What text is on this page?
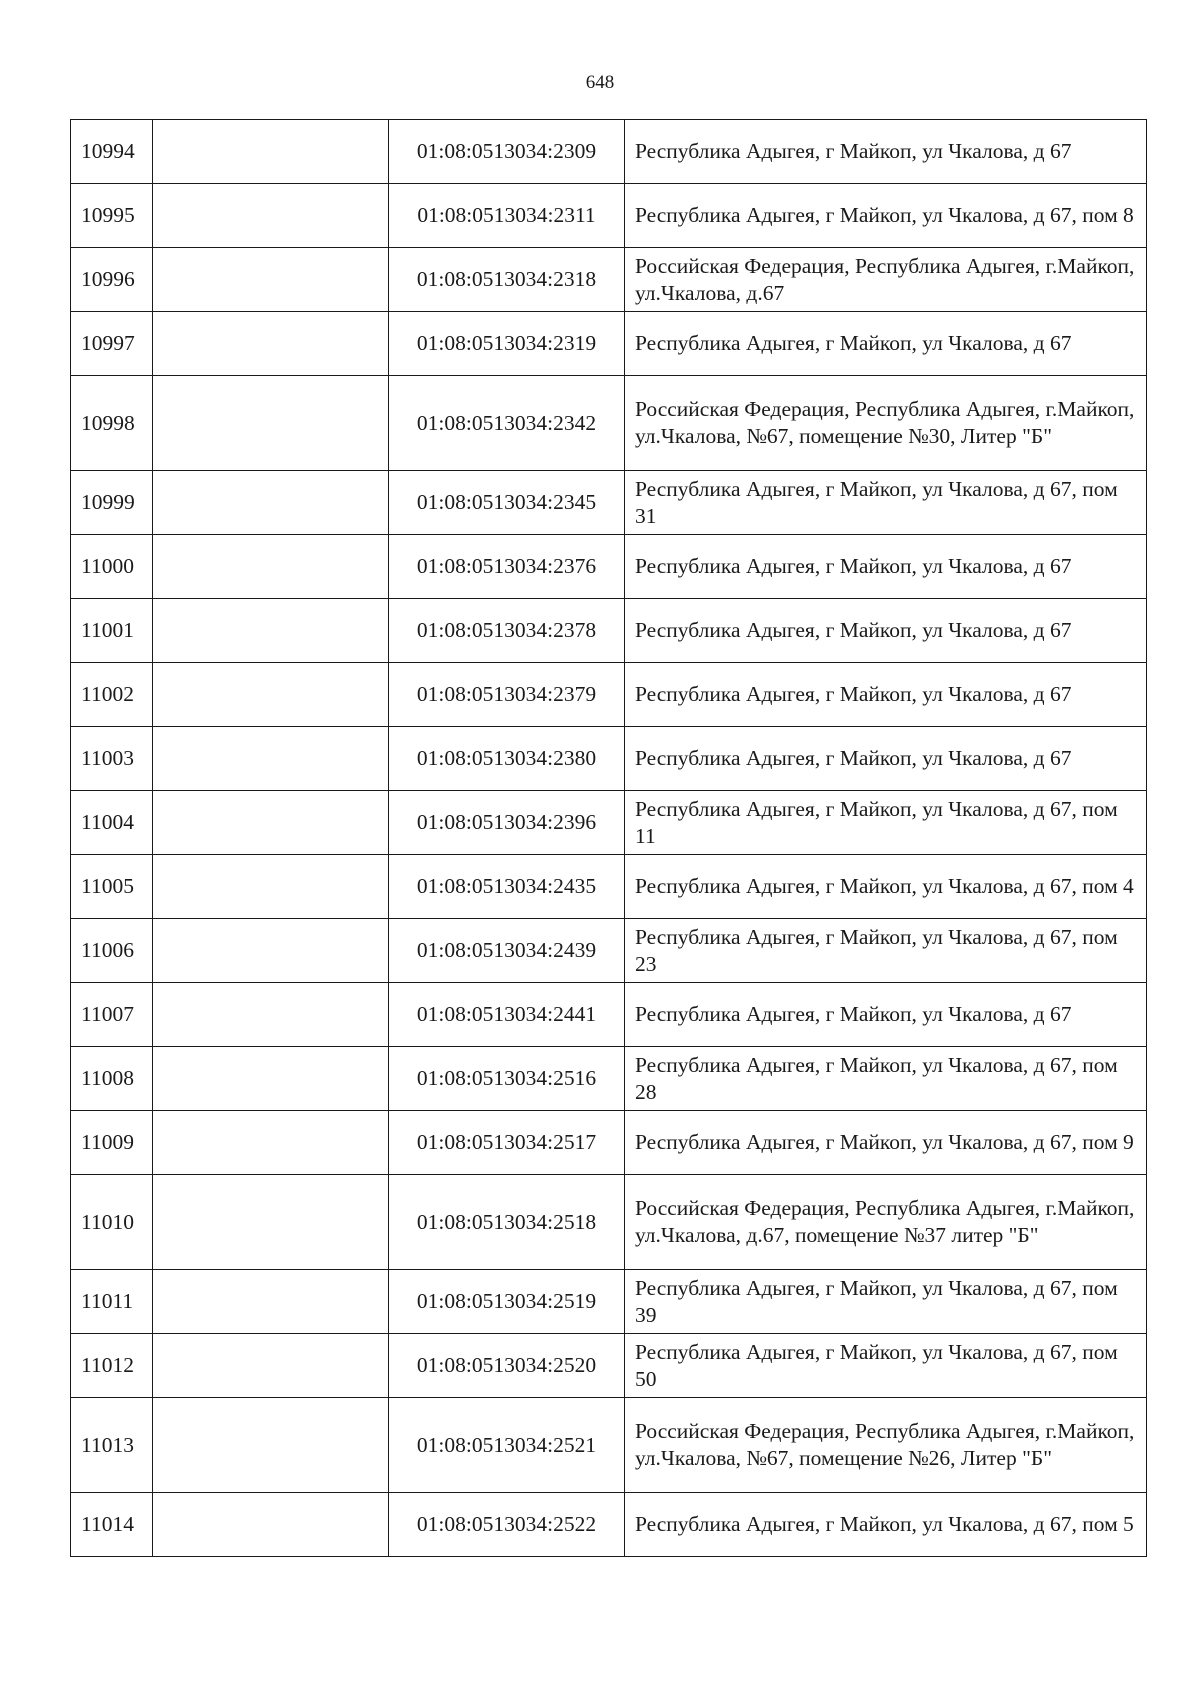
648
10994		01:08:0513034:2309	Республика Адыгея, г Майкоп, ул Чкалова, д 67
10995		01:08:0513034:2311	Республика Адыгея, г Майкоп, ул Чкалова, д 67, пом 8
10996		01:08:0513034:2318	Российская Федерация, Республика Адыгея, г.Майкоп, ул.Чкалова, д.67
10997		01:08:0513034:2319	Республика Адыгея, г Майкоп, ул Чкалова, д 67
10998		01:08:0513034:2342	Российская Федерация, Республика Адыгея, г.Майкоп, ул.Чкалова, №67, помещение №30, Литер "Б"
10999		01:08:0513034:2345	Республика Адыгея, г Майкоп, ул Чкалова, д 67, пом 31
11000		01:08:0513034:2376	Республика Адыгея, г Майкоп, ул Чкалова, д 67
11001		01:08:0513034:2378	Республика Адыгея, г Майкоп, ул Чкалова, д 67
11002		01:08:0513034:2379	Республика Адыгея, г Майкоп, ул Чкалова, д 67
11003		01:08:0513034:2380	Республика Адыгея, г Майкоп, ул Чкалова, д 67
11004		01:08:0513034:2396	Республика Адыгея, г Майкоп, ул Чкалова, д 67, пом 11
11005		01:08:0513034:2435	Республика Адыгея, г Майкоп, ул Чкалова, д 67, пом 4
11006		01:08:0513034:2439	Республика Адыгея, г Майкоп, ул Чкалова, д 67, пом 23
11007		01:08:0513034:2441	Республика Адыгея, г Майкоп, ул Чкалова, д 67
11008		01:08:0513034:2516	Республика Адыгея, г Майкоп, ул Чкалова, д 67, пом 28
11009		01:08:0513034:2517	Республика Адыгея, г Майкоп, ул Чкалова, д 67, пом 9
11010		01:08:0513034:2518	Российская Федерация, Республика Адыгея, г.Майкоп, ул.Чкалова, д.67, помещение №37 литер "Б"
11011		01:08:0513034:2519	Республика Адыгея, г Майкоп, ул Чкалова, д 67, пом 39
11012		01:08:0513034:2520	Республика Адыгея, г Майкоп, ул Чкалова, д 67, пом 50
11013		01:08:0513034:2521	Российская Федерация, Республика Адыгея, г.Майкоп, ул.Чкалова, №67, помещение №26, Литер "Б"
11014		01:08:0513034:2522	Республика Адыгея, г Майкоп, ул Чкалова, д 67, пом 5
